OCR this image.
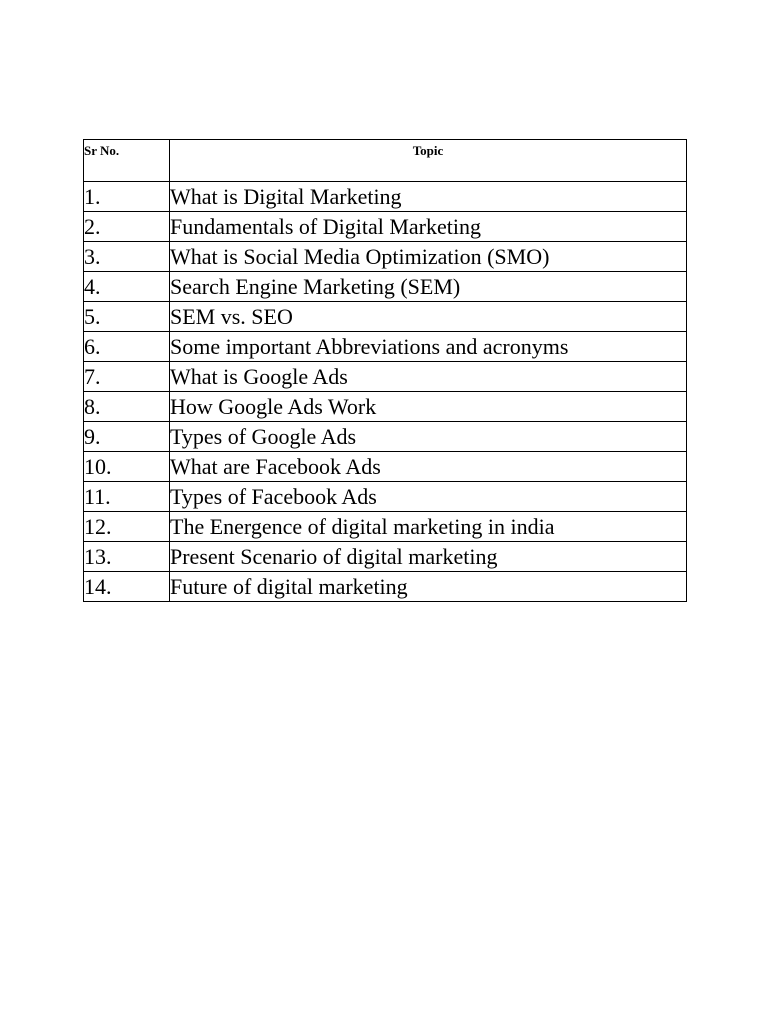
Sr No.	Topic
1.	What is Digital Marketing
2.	Fundamentals of Digital Marketing
3.	What is Social Media Optimization (SMO)
4.	Search Engine Marketing (SEM)
5.	SEM vs. SEO
6.	Some important Abbreviations and acronyms
7.	What is Google Ads
8.	How Google Ads Work
9.	Types of Google Ads
10.	What are Facebook Ads
11.	Types of Facebook Ads
12.	The Energence of digital marketing in india
13.	Present Scenario of digital marketing
14.	Future of digital marketing
